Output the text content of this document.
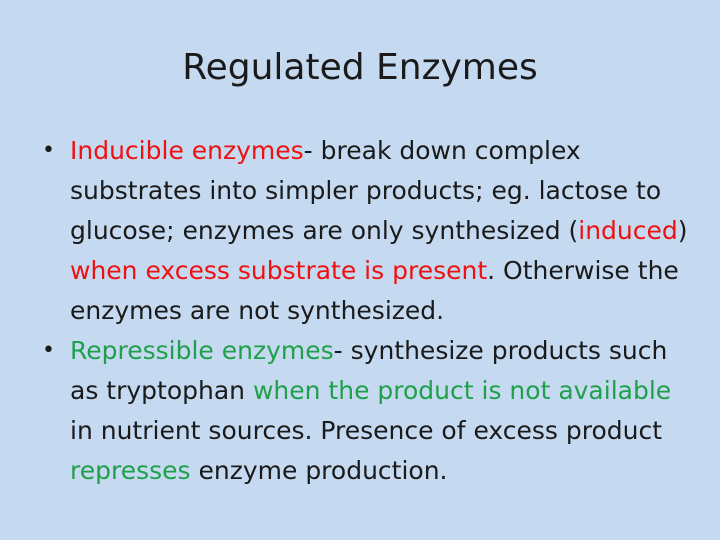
Regulated Enzymes
• Inducible enzymes- break down complex substrates into simpler products; eg. lactose to glucose; enzymes are only synthesized (induced) when excess substrate is present. Otherwise the enzymes are not synthesized.
• Repressible enzymes- synthesize products such as tryptophan when the product is not available in nutrient sources. Presence of excess product represses enzyme production.
